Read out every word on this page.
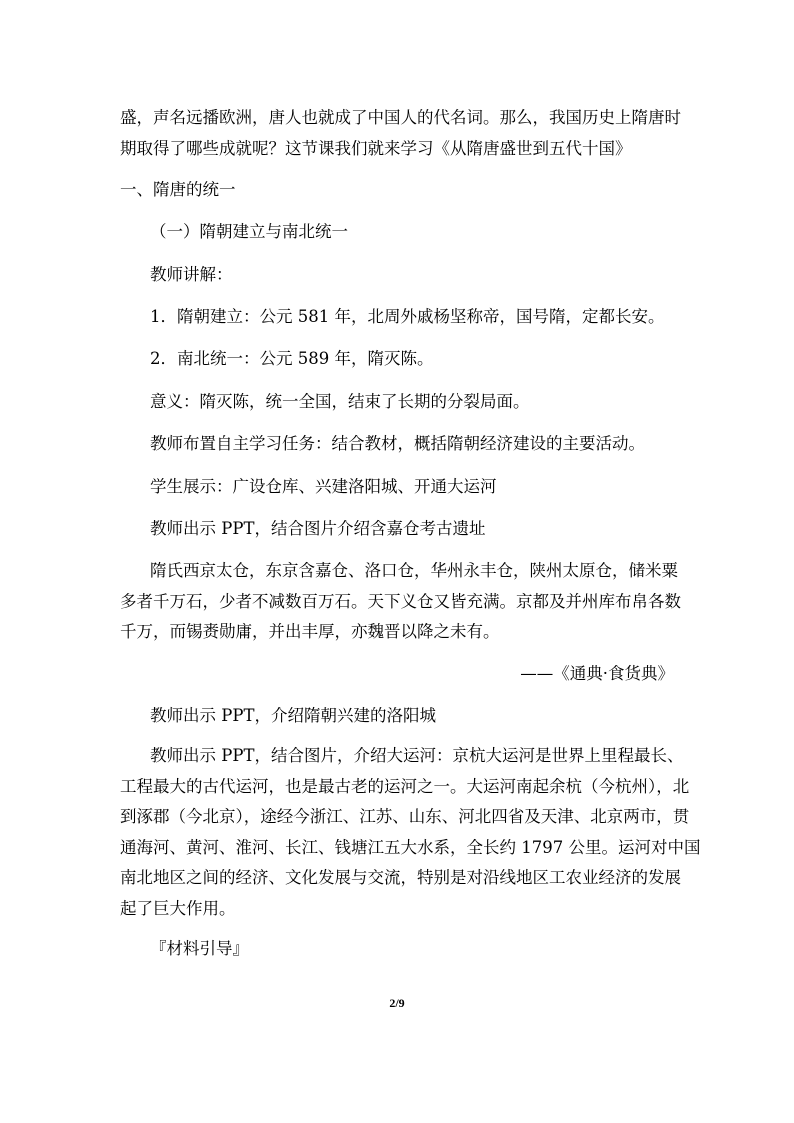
盛，声名远播欧洲，唐人也就成了中国人的代名词。那么，我国历史上隋唐时
期取得了哪些成就呢？这节课我们就来学习《从隋唐盛世到五代十国》
一、隋唐的统一
（一）隋朝建立与南北统一
教师讲解：
1．隋朝建立：公元 581 年，北周外戚杨坚称帝，国号隋，定都长安。
2．南北统一：公元 589 年，隋灭陈。
意义：隋灭陈，统一全国，结束了长期的分裂局面。
教师布置自主学习任务：结合教材，概括隋朝经济建设的主要活动。
学生展示：广设仓库、兴建洛阳城、开通大运河
教师出示 PPT，结合图片介绍含嘉仓考古遗址
隋氏西京太仓，东京含嘉仓、洛口仓，华州永丰仓，陕州太原仓，储米粟
多者千万石，少者不减数百万石。天下义仓又皆充满。京都及并州库布帛各数
千万，而锡赉勋庸，并出丰厚，亦魏晋以降之未有。
——《通典·食货典》
教师出示 PPT，介绍隋朝兴建的洛阳城
教师出示 PPT，结合图片，介绍大运河：京杭大运河是世界上里程最长、
工程最大的古代运河，也是最古老的运河之一。大运河南起余杭（今杭州），北
到涿郡（今北京），途经今浙江、江苏、山东、河北四省及天津、北京两市，贯
通海河、黄河、淮河、长江、钱塘江五大水系，全长约 1797 公里。运河对中国
南北地区之间的经济、文化发展与交流，特别是对沿线地区工农业经济的发展
起了巨大作用。
『材料引导』
2/9
